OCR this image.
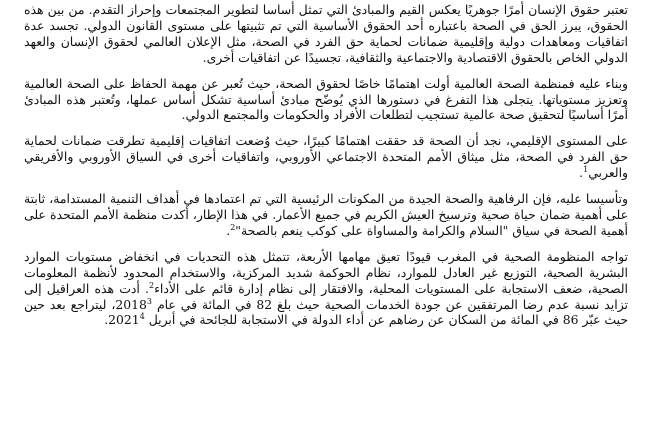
تعتبر حقوق الإنسان أمرًا جوهريًا يعكس القيم والمبادئ التي تمثل أساسا لتطوير المجتمعات وإحراز التقدم. من بين هذه الحقوق، يبرز الحق في الصحة باعتباره أحد الحقوق الأساسية التي تم تثبيتها على مستوى القانون الدولي. تجسد عدة اتفاقيات ومعاهدات دولية وإقليمية ضمانات لحماية حق الفرد في الصحة، مثل الإعلان العالمي لحقوق الإنسان والعهد الدولي الخاص بالحقوق الاقتصادية والاجتماعية والثقافية، تجسيدًا عن اتفاقيات أخرى.

وبناء عليه فمنظمة الصحة العالمية أولت اهتمامًا خاصًا لحقوق الصحة، حيث تُعبر عن مهمة الحفاظ على الصحة العالمية وتعزيز مستوياتها. يتجلى هذا التفرغ في دستورها الذي يُوضّح مبادئ أساسية تشكل أساس عملها، وتُعتبر هذه المبادئ أمرًا أساسيًا لتحقيق صحة عالمية تستجيب لتطلعات الأفراد والحكومات والمجتمع الدولي.

على المستوى الإقليمي، نجد أن الصحة قد حققت اهتمامًا كبيرًا، حيث وُضعت اتفاقيات إقليمية تطرقت ضمانات لحماية حق الفرد في الصحة، مثل ميثاق الأمم المتحدة الاجتماعي الأوروبي، واتفاقيات أخرى في السياق الأوروبي والأفريقي والعربي$^1$.

وتأسيسا عليه، فإن الرفاهية والصحة الجيدة من المكونات الرئيسية التي تم اعتمادها في أهداف التنمية المستدامة، ثابتة على أهمية ضمان حياة صحية وترسيخ العيش الكريم في جميع الأعمار. في هذا الإطار، أكدت منظمة الأمم المتحدة على أهمية الصحة في سياق "السلام والكرامة والمساواة على كوكب ينعم بالصحة"$^2$.

تواجه المنظومة الصحية في المغرب قيودًا تعيق مهامها الأربعة، تتمثل هذه التحديات في انخفاض مستويات الموارد البشرية الصحية، التوزيع غير العادل للموارد، نظام الحوكمة شديد المركزية، والاستخدام المحدود لأنظمة المعلومات الصحية، ضعف الاستجابة على المستويات المحلية، والافتقار إلى نظام إدارة قائم على الأداء$^2$. أدت هذه العراقيل إلى تزايد نسبة عدم رضا المرتفقين عن جودة الخدمات الصحية حيث بلغ 82 في المائة في عام 2018$^3$، ليتراجع بعد حين حيث عبّر 86 في المائة من السكان عن رضاهم عن أداء الدولة في الاستجابة للجائحة في أبريل 2021$^4$.
